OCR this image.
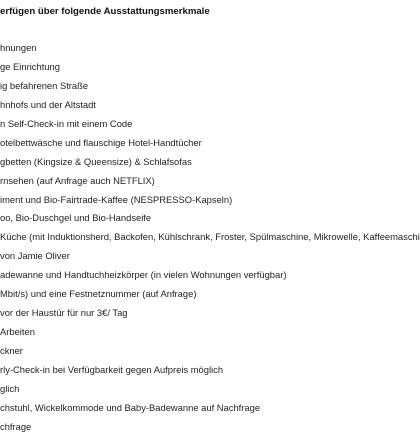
erfügen über folgende Ausstattungsmerkmale
hnungen
ge Einrichtung
ig befahrenen Straße
hnhofs und der Altstadt
n Self-Check-in mit einem Code
otelbettwäsche und flauschige Hotel-Handtücher
gbetten (Kingsize & Queensize) & Schlafsofas
rnsehen (auf Anfrage auch NETFLIX)
iment und Bio-Fairtrade-Kaffee (NESPRESSO-Kapseln)
oo, Bio-Duschgel und Bio-Handseife
Küche (mit Induktionsherd, Backofen, Kühlschrank, Froster, Spülmaschine, Mikrowelle, Kaffeemaschi
von Jamie Oliver
adewanne und Handtuchheizkörper (in vielen Wohnungen verfügbar)
Mbit/s) und eine Festnetznummer (auf Anfrage)
vor der Haustür für nur 3€/ Tag
Arbeiten
ckner
rly-Check-in bei Verfügbarkeit gegen Aufpreis möglich
glich
chstuhl, Wickelkommode und Baby-Badewanne auf Nachfrage
chfrage
